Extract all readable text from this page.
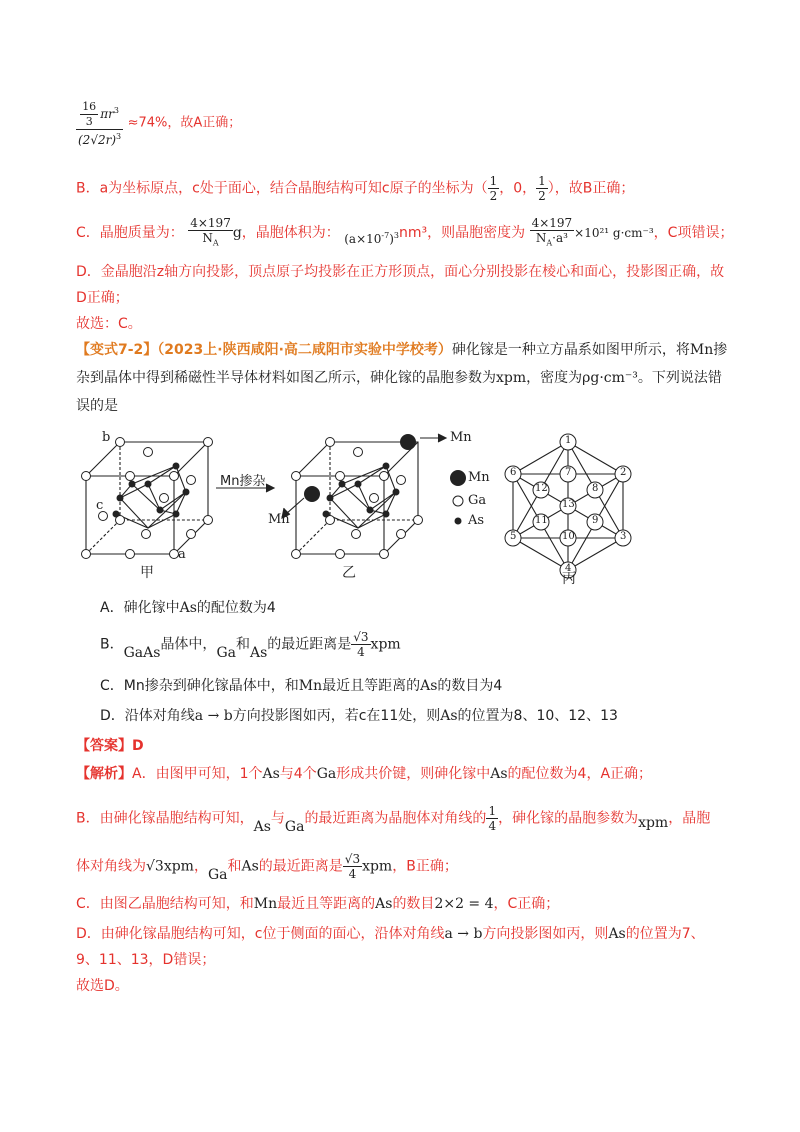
$\frac{\frac{16}{3} \pi r^3}{(2√2r)^3} \approx 74\%$，故A正确；
B．a为坐标原点，c处于面心，结合晶胞结构可知c原子的坐标为（ $\frac{1}{2}$ ，0， $\frac{1}{2}$ ），故B正确；
C．晶胞质量为： $\frac{4\times 197}{N_A}$ g，晶胞体积为： $(a\times 10^{-7})^3nm^3$，则晶胞密度为 $\frac{4\times 197}{N_A\cdot a^3} \times 10^{21}$ g·cm⁻³，C项错误；
D．金晶胞沿z轴方向投影，顶点原子均投影在正方形顶点，面心分别投影在棱心和面心，投影图正确，故
D正确；
故选：C。
【变式7-2】（2023上·陕西咸阳·高二咸阳市实验中学校考）砷化镓是一种立方晶系如图甲所示，将Mn掺
杂到晶体中得到稀磁性半导体材料如图乙所示，砷化镓的晶胞参数为xpm，密度为ρg·cm⁻³。下列说法错
误的是
b
c
a
Mn掺杂
Mn
Mn
Mn
Ga
As
甲	乙	丙
1
2
3
4
5
6	7
8
9
10
11
12
13
A．砷化镓中As的配位数为4
B．GaAs晶体中，Ga和As的最近距离是 $\frac{√3}{4}$ xpm
C．Mn掺杂到砷化镓晶体中，和Mn最近且等距离的As的数目为4
D．沿体对角线a → b方向投影图如丙，若c在11处，则As的位置为8、10、12、13
【答案】D
【解析】A．由图甲可知，1个As与4个Ga形成共价键，则砷化镓中As的配位数为4，A正确；
B．由砷化镓晶胞结构可知，As与Ga的最近距离为晶胞体对角线的 $\frac{1}{4}$ ，砷化镓的晶胞参数为xpm，晶胞
体对角线为√3xpm，Ga和As的最近距离是 $\frac{√3}{4}$ xpm，B正确；
C．由图乙晶胞结构可知，和Mn最近且等距离的As的数目2×2 = 4，C正确；
D．由砷化镓晶胞结构可知，c位于侧面的面心，沿体对角线a → b方向投影图如丙，则As的位置为7、
9、11、13，D错误；
故选D。
